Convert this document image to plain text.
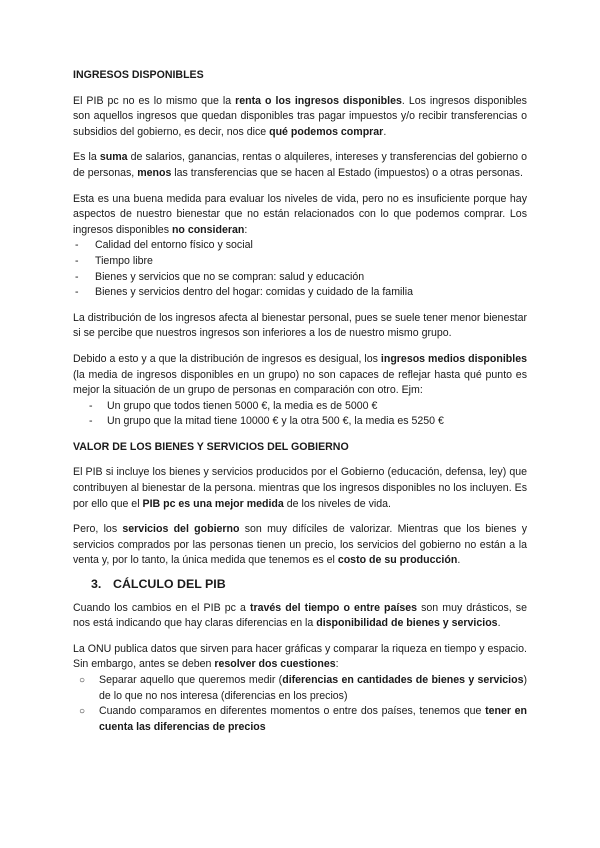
INGRESOS DISPONIBLES

El PIB pc no es lo mismo que la renta o los ingresos disponibles. Los ingresos disponibles son aquellos ingresos que quedan disponibles tras pagar impuestos y/o recibir transferencias o subsidios del gobierno, es decir, nos dice qué podemos comprar.

Es la suma de salarios, ganancias, rentas o alquileres, intereses y transferencias del gobierno o de personas, menos las transferencias que se hacen al Estado (impuestos) o a otras personas.

Esta es una buena medida para evaluar los niveles de vida, pero no es insuficiente porque hay aspectos de nuestro bienestar que no están relacionados con lo que podemos comprar. Los ingresos disponibles no consideran:

- Calidad del entorno físico y social
- Tiempo libre
- Bienes y servicios que no se compran: salud y educación
- Bienes y servicios dentro del hogar: comidas y cuidado de la familia

La distribución de los ingresos afecta al bienestar personal, pues se suele tener menor bienestar si se percibe que nuestros ingresos son inferiores a los de nuestro mismo grupo.

Debido a esto y a que la distribución de ingresos es desigual, los ingresos medios disponibles (la media de ingresos disponibles en un grupo) no son capaces de reflejar hasta qué punto es mejor la situación de un grupo de personas en comparación con otro. Ejm:

- Un grupo que todos tienen 5000 €, la media es de 5000 €
- Un grupo que la mitad tiene 10000 € y la otra 500 €, la media es 5250 €
VALOR DE LOS BIENES Y SERVICIOS DEL GOBIERNO

El PIB si incluye los bienes y servicios producidos por el Gobierno (educación, defensa, ley) que contribuyen al bienestar de la persona. mientras que los ingresos disponibles no los incluyen. Es por ello que el PIB pc es una mejor medida de los niveles de vida.

Pero, los servicios del gobierno son muy difíciles de valorizar. Mientras que los bienes y servicios comprados por las personas tienen un precio, los servicios del gobierno no están a la venta y, por lo tanto, la única medida que tenemos es el costo de su producción.

3. CÁLCULO DEL PIB

Cuando los cambios en el PIB pc a través del tiempo o entre países son muy drásticos, se nos está indicando que hay claras diferencias en la disponibilidad de bienes y servicios.

La ONU publica datos que sirven para hacer gráficas y comparar la riqueza en tiempo y espacio. Sin embargo, antes se deben resolver dos cuestiones:

○ Separar aquello que queremos medir (diferencias en cantidades de bienes y servicios) de lo que no nos interesa (diferencias en los precios)
○ Cuando comparamos en diferentes momentos o entre dos países, tenemos que tener en cuenta las diferencias de precios
